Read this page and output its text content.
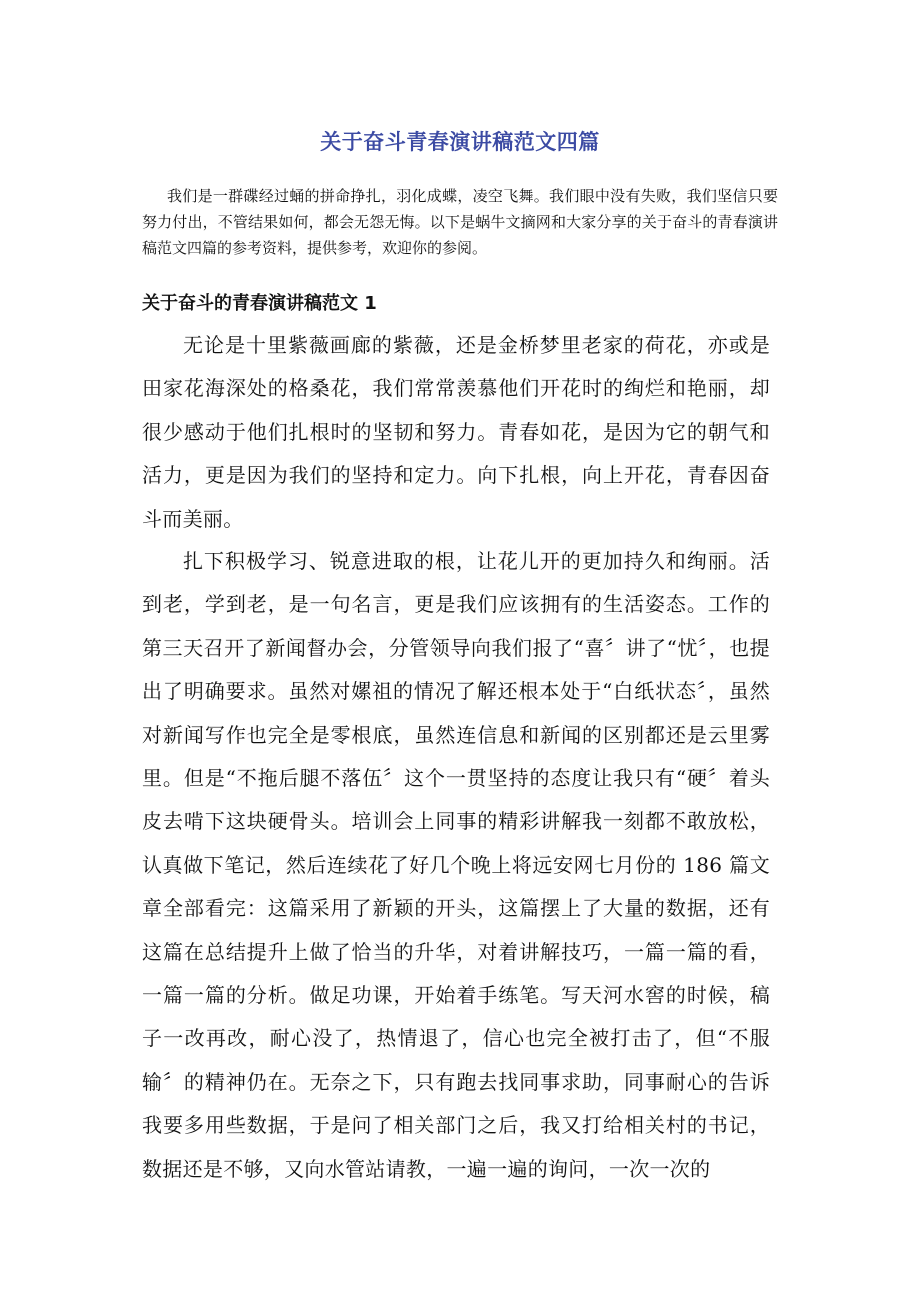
关于奋斗青春演讲稿范文四篇

我们是一群碟经过蛹的拼命挣扎，羽化成蝶，凌空飞舞。我们眼中没有失败，我们坚信只要努力付出，不管结果如何，都会无怨无悔。以下是蜗牛文摘网和大家分享的关于奋斗的青春演讲稿范文四篇的参考资料，提供参考，欢迎你的参阅。

关于奋斗的青春演讲稿范文 1

无论是十里紫薇画廊的紫薇，还是金桥梦里老家的荷花，亦或是田家花海深处的格桑花，我们常常羡慕他们开花时的绚烂和艳丽，却很少感动于他们扎根时的坚韧和努力。青春如花，是因为它的朝气和活力，更是因为我们的坚持和定力。向下扎根，向上开花，青春因奋斗而美丽。

扎下积极学习、锐意进取的根，让花儿开的更加持久和绚丽。活到老，学到老，是一句名言，更是我们应该拥有的生活姿态。工作的第三天召开了新闻督办会，分管领导向我们报了“喜〞讲了“忧〞，也提出了明确要求。虽然对嫘祖的情况了解还根本处于“白纸状态〞，虽然对新闻写作也完全是零根底，虽然连信息和新闻的区别都还是云里雾里。但是“不拖后腿不落伍〞这个一贯坚持的态度让我只有“硬〞着头皮去啃下这块硬骨头。培训会上同事的精彩讲解我一刻都不敢放松，认真做下笔记，然后连续花了好几个晚上将远安网七月份的 186 篇文章全部看完：这篇采用了新颖的开头，这篇摆上了大量的数据，还有这篇在总结提升上做了恰当的升华，对着讲解技巧，一篇一篇的看，一篇一篇的分析。做足功课，开始着手练笔。写天河水窖的时候，稿子一改再改，耐心没了，热情退了，信心也完全被打击了，但“不服输〞的精神仍在。无奈之下，只有跑去找同事求助，同事耐心的告诉我要多用些数据，于是问了相关部门之后，我又打给相关村的书记，数据还是不够，又向水管站请教，一遍一遍的询问，一次一次的
